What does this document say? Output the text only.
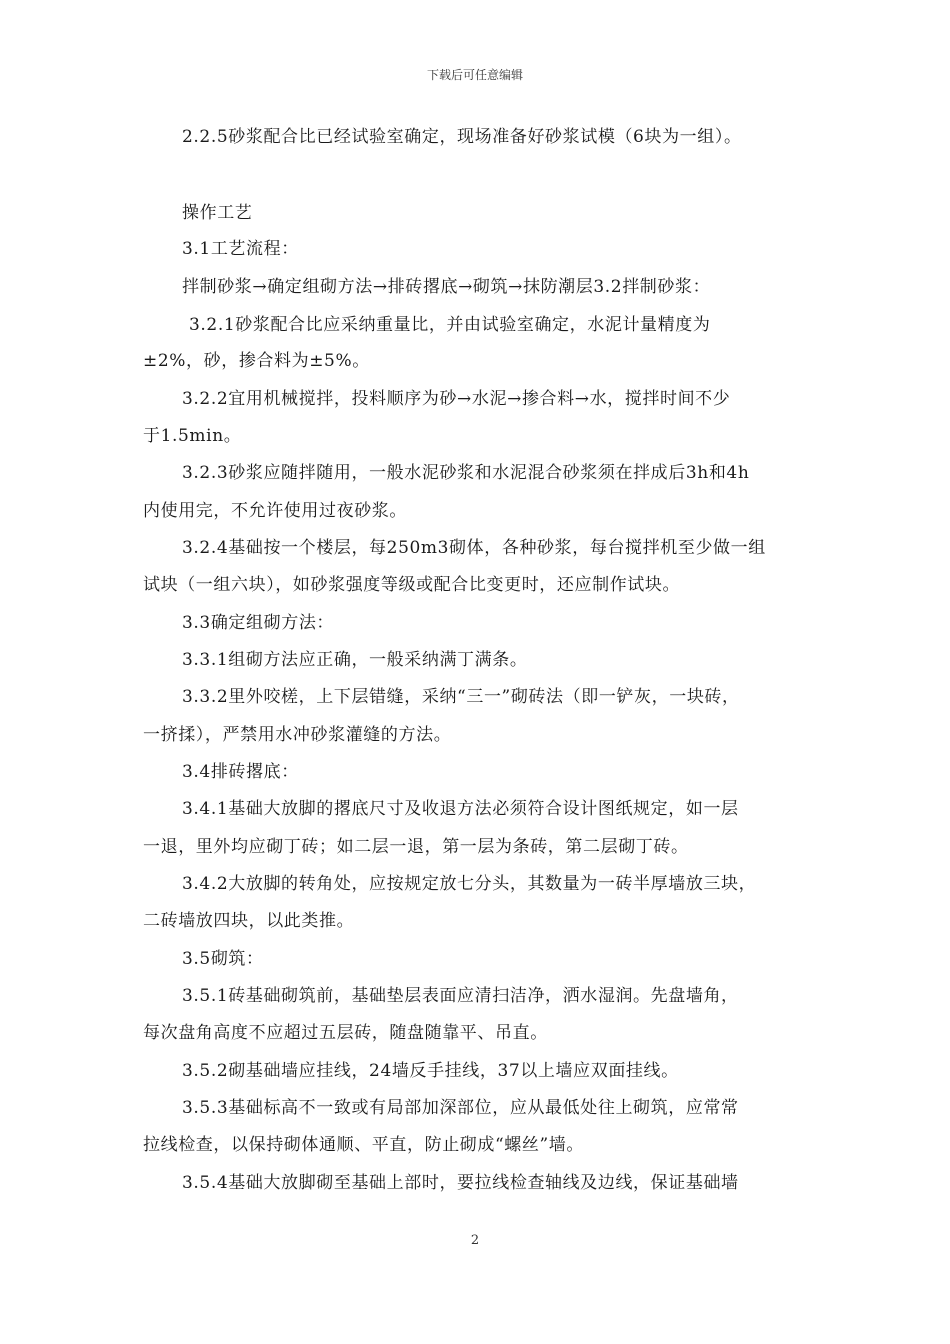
下载后可任意编辑
2.2.5砂浆配合比已经试验室确定，现场准备好砂浆试模（6块为一组）。
操作工艺
3.1工艺流程：
拌制砂浆→确定组砌方法→排砖撂底→砌筑→抹防潮层3.2拌制砂浆：
3.2.1砂浆配合比应采纳重量比，并由试验室确定，水泥计量精度为
±2%，砂，掺合料为±5%。
3.2.2宜用机械搅拌，投料顺序为砂→水泥→掺合料→水，搅拌时间不少
于1.5min。
3.2.3砂浆应随拌随用，一般水泥砂浆和水泥混合砂浆须在拌成后3h和4h
内使用完，不允许使用过夜砂浆。
3.2.4基础按一个楼层，每250m3砌体，各种砂浆，每台搅拌机至少做一组
试块（一组六块），如砂浆强度等级或配合比变更时，还应制作试块。
3.3确定组砌方法：
3.3.1组砌方法应正确，一般采纳满丁满条。
3.3.2里外咬槎，上下层错缝，采纳“三一”砌砖法（即一铲灰，一块砖，
一挤揉），严禁用水冲砂浆灌缝的方法。
3.4排砖撂底：
3.4.1基础大放脚的撂底尺寸及收退方法必须符合设计图纸规定，如一层
一退，里外均应砌丁砖；如二层一退，第一层为条砖，第二层砌丁砖。
3.4.2大放脚的转角处，应按规定放七分头，其数量为一砖半厚墙放三块，
二砖墙放四块，以此类推。
3.5砌筑：
3.5.1砖基础砌筑前，基础垫层表面应清扫洁净，洒水湿润。先盘墙角，
每次盘角高度不应超过五层砖，随盘随靠平、吊直。
3.5.2砌基础墙应挂线，24墙反手挂线，37以上墙应双面挂线。
3.5.3基础标高不一致或有局部加深部位，应从最低处往上砌筑，应常常
拉线检查，以保持砌体通顺、平直，防止砌成“螺丝”墙。
3.5.4基础大放脚砌至基础上部时，要拉线检查轴线及边线，保证基础墙
2
